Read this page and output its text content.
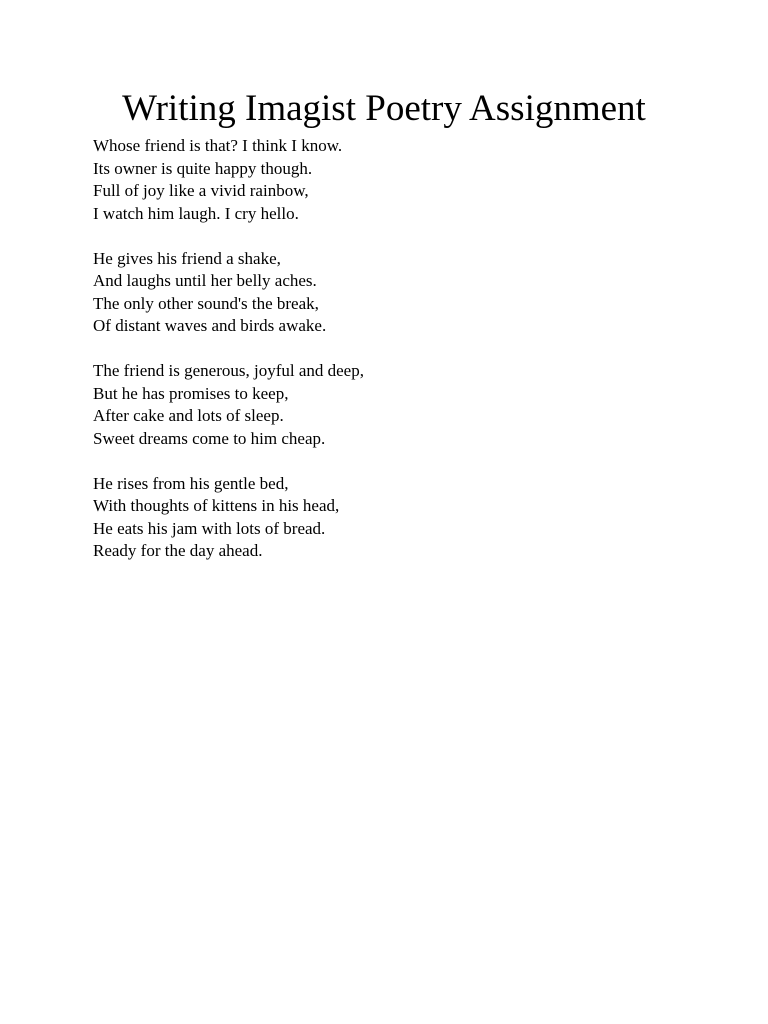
Writing Imagist Poetry Assignment
Whose friend is that? I think I know.
Its owner is quite happy though.
Full of joy like a vivid rainbow,
I watch him laugh. I cry hello.
He gives his friend a shake,
And laughs until her belly aches.
The only other sound's the break,
Of distant waves and birds awake.
The friend is generous, joyful and deep,
But he has promises to keep,
After cake and lots of sleep.
Sweet dreams come to him cheap.
He rises from his gentle bed,
With thoughts of kittens in his head,
He eats his jam with lots of bread.
Ready for the day ahead.
